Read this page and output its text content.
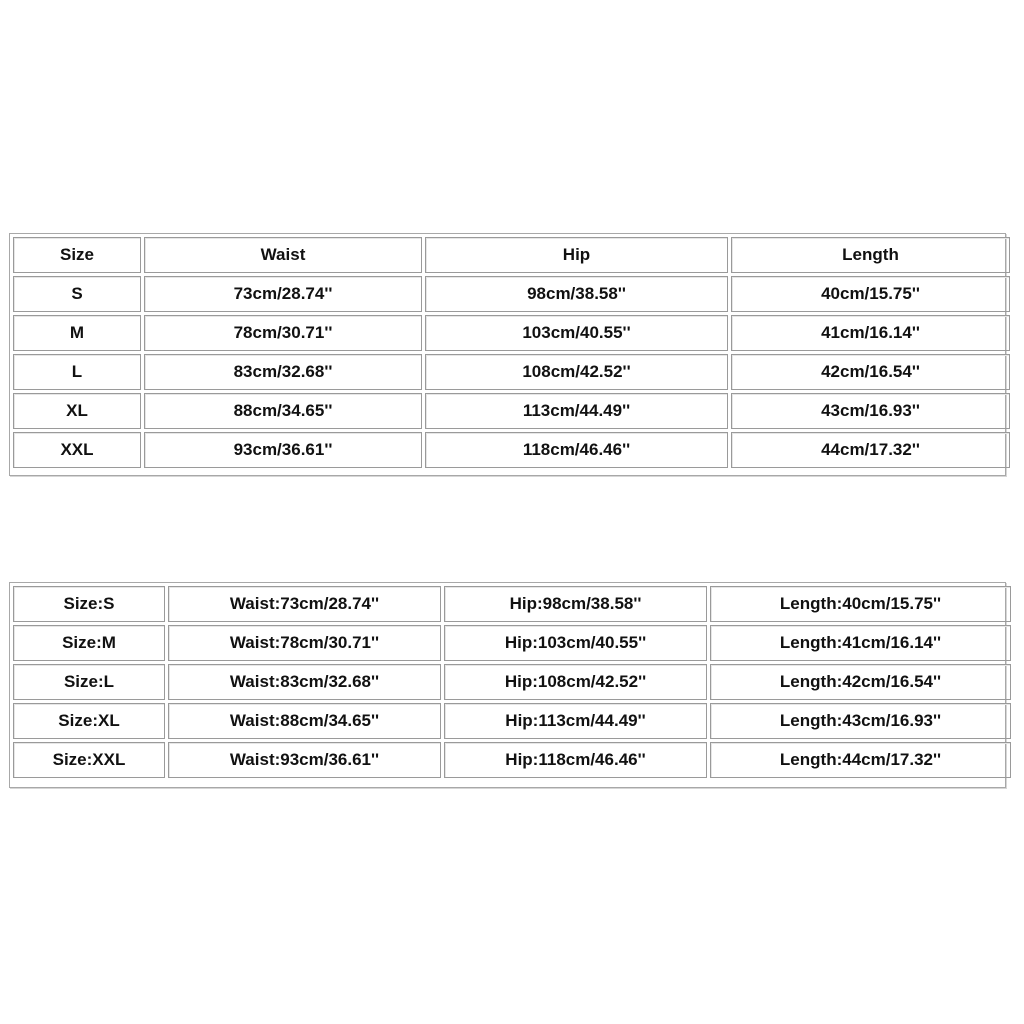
Size	Waist	Hip	Length
S	73cm/28.74''	98cm/38.58''	40cm/15.75''
M	78cm/30.71''	103cm/40.55''	41cm/16.14''
L	83cm/32.68''	108cm/42.52''	42cm/16.54''
XL	88cm/34.65''	113cm/44.49''	43cm/16.93''
XXL	93cm/36.61''	118cm/46.46''	44cm/17.32''
Size:S	Waist:73cm/28.74''	Hip:98cm/38.58''	Length:40cm/15.75''
Size:M	Waist:78cm/30.71''	Hip:103cm/40.55''	Length:41cm/16.14''
Size:L	Waist:83cm/32.68''	Hip:108cm/42.52''	Length:42cm/16.54''
Size:XL	Waist:88cm/34.65''	Hip:113cm/44.49''	Length:43cm/16.93''
Size:XXL	Waist:93cm/36.61''	Hip:118cm/46.46''	Length:44cm/17.32''
